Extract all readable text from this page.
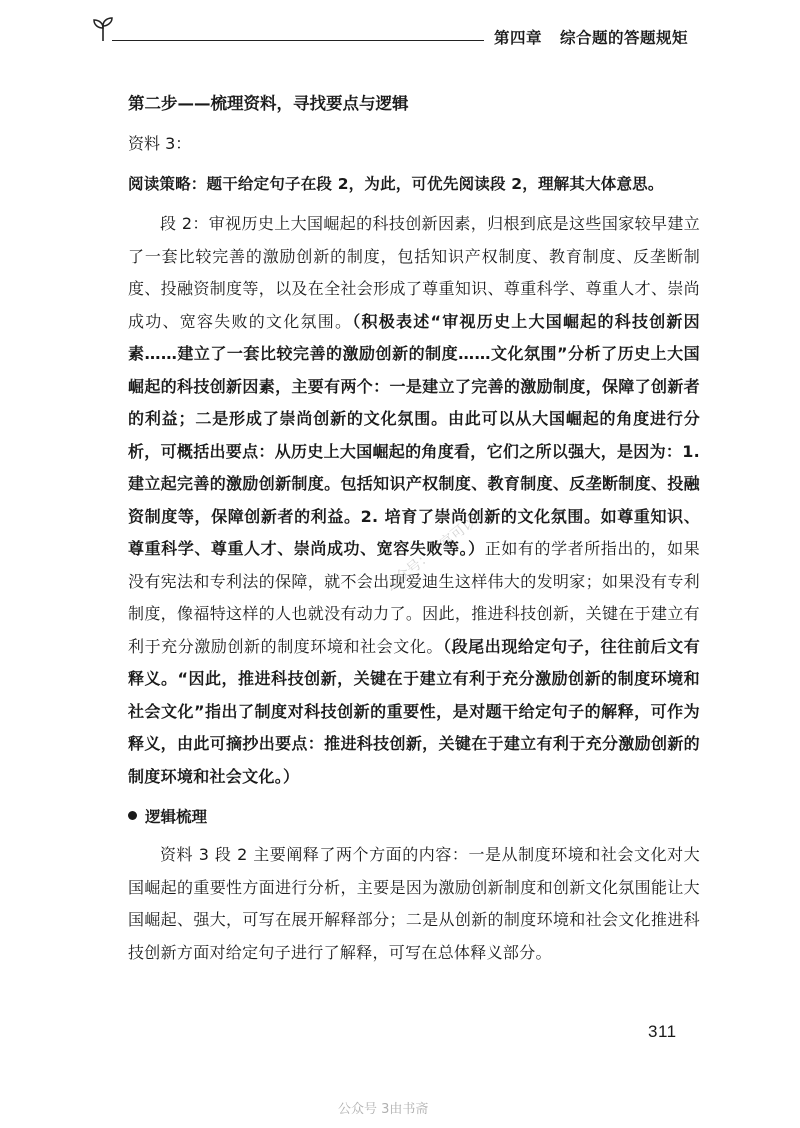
第四章 综合题的答题规矩
公众号：小官可以

第二步——梳理资料，寻找要点与逻辑

资料 3：

阅读策略：题干给定句子在段 2，为此，可优先阅读段 2，理解其大体意思。

段 2：审视历史上大国崛起的科技创新因素，归根到底是这些国家较早建立了一套比较完善的激励创新的制度，包括知识产权制度、教育制度、反垄断制度、投融资制度等，以及在全社会形成了尊重知识、尊重科学、尊重人才、崇尚成功、宽容失败的文化氛围。（积极表述“审视历史上大国崛起的科技创新因素……建立了一套比较完善的激励创新的制度……文化氛围”分析了历史上大国崛起的科技创新因素，主要有两个：一是建立了完善的激励制度，保障了创新者的利益；二是形成了崇尚创新的文化氛围。由此可以从大国崛起的角度进行分析，可概括出要点：从历史上大国崛起的角度看，它们之所以强大，是因为：1. 建立起完善的激励创新制度。包括知识产权制度、教育制度、反垄断制度、投融资制度等，保障创新者的利益。2. 培育了崇尚创新的文化氛围。如尊重知识、尊重科学、尊重人才、崇尚成功、宽容失败等。）正如有的学者所指出的，如果没有宪法和专利法的保障，就不会出现爱迪生这样伟大的发明家；如果没有专利制度，像福特这样的人也就没有动力了。因此，推进科技创新，关键在于建立有利于充分激励创新的制度环境和社会文化。（段尾出现给定句子，往往前后文有释义。“因此，推进科技创新，关键在于建立有利于充分激励创新的制度环境和社会文化”指出了制度对科技创新的重要性，是对题干给定句子的解释，可作为释义，由此可摘抄出要点：推进科技创新，关键在于建立有利于充分激励创新的制度环境和社会文化。）

逻辑梳理

资料 3 段 2 主要阐释了两个方面的内容：一是从制度环境和社会文化对大国崛起的重要性方面进行分析，主要是因为激励创新制度和创新文化氛围能让大国崛起、强大，可写在展开解释部分；二是从创新的制度环境和社会文化推进科技创新方面对给定句子进行了解释，可写在总体释义部分。

311
公众号 3由书斋
